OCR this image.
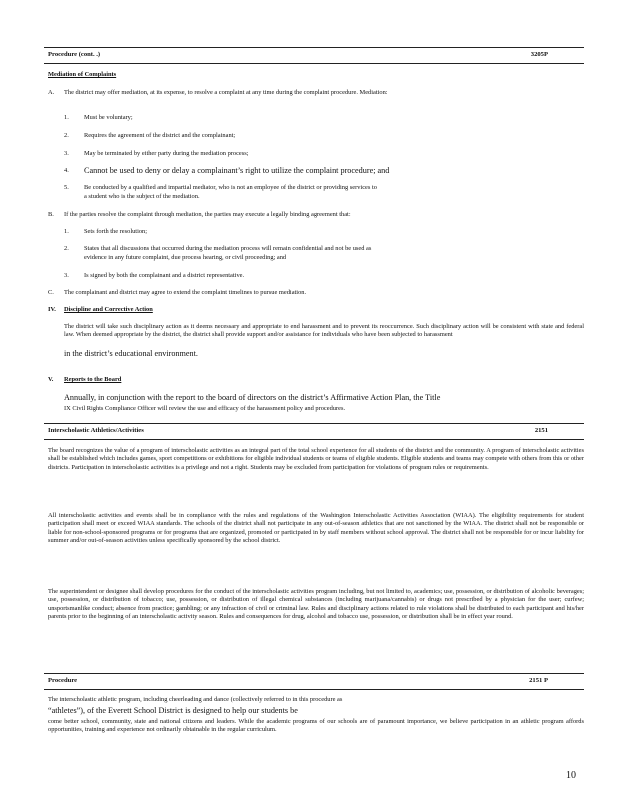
Procedure (cont. .)	3205P
Mediation of Complaints
A. The district may offer mediation, at its expense, to resolve a complaint at any time during the complaint procedure. Mediation:
1. Must be voluntary;
2. Requires the agreement of the district and the complainant;
3. May be terminated by either party during the mediation process;
4. Cannot be used to deny or delay a complainant’s right to utilize the complaint procedure; and
5. Be conducted by a qualified and impartial mediator, who is not an employee of the district or providing services to
a student who is the subject of the mediation.
B. If the parties resolve the complaint through mediation, the parties may execute a legally binding agreement that:
1. Sets forth the resolution;
2. States that all discussions that occurred during the mediation process will remain confidential and not be used as
evidence in any future complaint, due process hearing, or civil proceeding; and
3. Is signed by both the complainant and a district representative.
C. The complainant and district may agree to extend the complaint timelines to pursue mediation.
IV. Discipline and Corrective Action
The district will take such disciplinary action as it deems necessary and appropriate to end harassment and to prevent its reoccurrence. Such disciplinary action will be consistent with state and federal law. When deemed appropriate by the district, the district shall provide support and/or assistance for individuals who have been subjected to harassment
in the district’s educational environment.
V. Reports to the Board
Annually, in conjunction with the report to the board of directors on the district’s Affirmative Action Plan, the Title
IX Civil Rights Compliance Officer will review the use and efficacy of the harassment policy and procedures.
Interscholastic Athletics/Activities	2151
The board recognizes the value of a program of interscholastic activities as an integral part of the total school experience for all students of the district and the community. A program of interscholastic activities shall be established which includes games, sport competitions or exhibitions for eligible individual students or teams of eligible students. Eligible students and teams may compete with others from this or other districts. Participation in interscholastic activities is a privilege and not a right. Students may be excluded from participation for violations of program rules or requirements.
All interscholastic activities and events shall be in compliance with the rules and regulations of the Washington Interscholastic Activities Association (WIAA). The eligibility requirements for student participation shall meet or exceed WIAA standards. The schools of the district shall not participate in any out-of-season athletics that are not sanctioned by the WIAA. The district shall not be responsible or liable for non-school-sponsored programs or for programs that are organized, promoted or participated in by staff members without school approval. The district shall not be responsible for or incur liability for summer and/or out-of-season activities unless specifically sponsored by the school district.
The superintendent or designee shall develop procedures for the conduct of the interscholastic activities program including, but not limited to, academics; use, possession, or distribution of alcoholic beverages; use, possession, or distribution of tobacco; use, possession, or distribution of illegal chemical substances (including marijuana/cannabis) or drugs not prescribed by a physician for the user; curfew; unsportsmanlike conduct; absence from practice; gambling; or any infraction of civil or criminal law. Rules and disciplinary actions related to rule violations shall be distributed to each participant and his/her parents prior to the beginning of an interscholastic activity season. Rules and consequences for drug, alcohol and tobacco use, possession, or distribution shall be in effect year round.
Procedure	2151 P
The interscholastic athletic program, including cheerleading and dance (collectively referred to in this procedure as
“athletes”), of the Everett School District is designed to help our students be
come better school, community, state and national citizens and leaders. While the academic programs of our schools are of paramount importance, we believe participation in an athletic program affords opportunities, training and experience not ordinarily obtainable in the regular curriculum.
10
